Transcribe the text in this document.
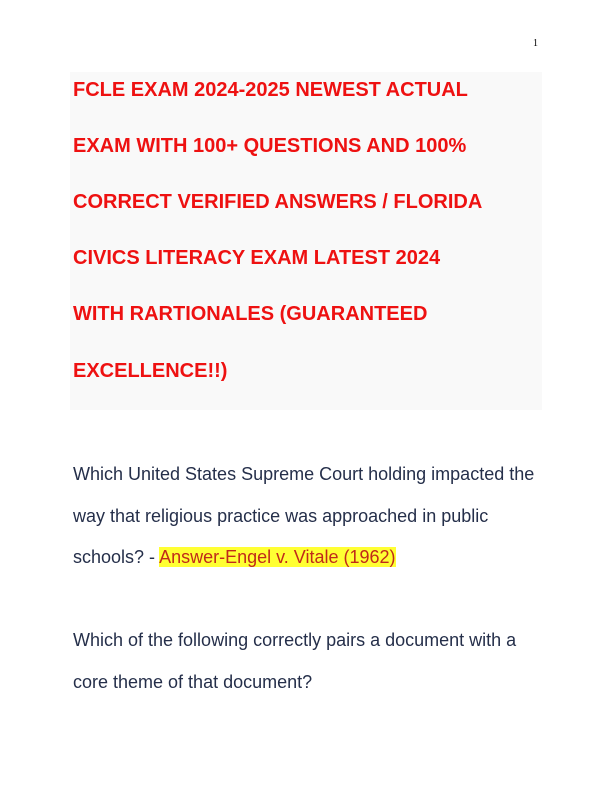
1
FCLE EXAM 2024-2025 NEWEST ACTUAL
EXAM WITH 100+ QUESTIONS AND 100%
CORRECT VERIFIED ANSWERS / FLORIDA
CIVICS LITERACY EXAM LATEST 2024
WITH RARTIONALES (GUARANTEED
EXCELLENCE!!)
Which United States Supreme Court holding impacted the
way that religious practice was approached in public
schools? - Answer-Engel v. Vitale (1962)
Which of the following correctly pairs a document with a
core theme of that document?
